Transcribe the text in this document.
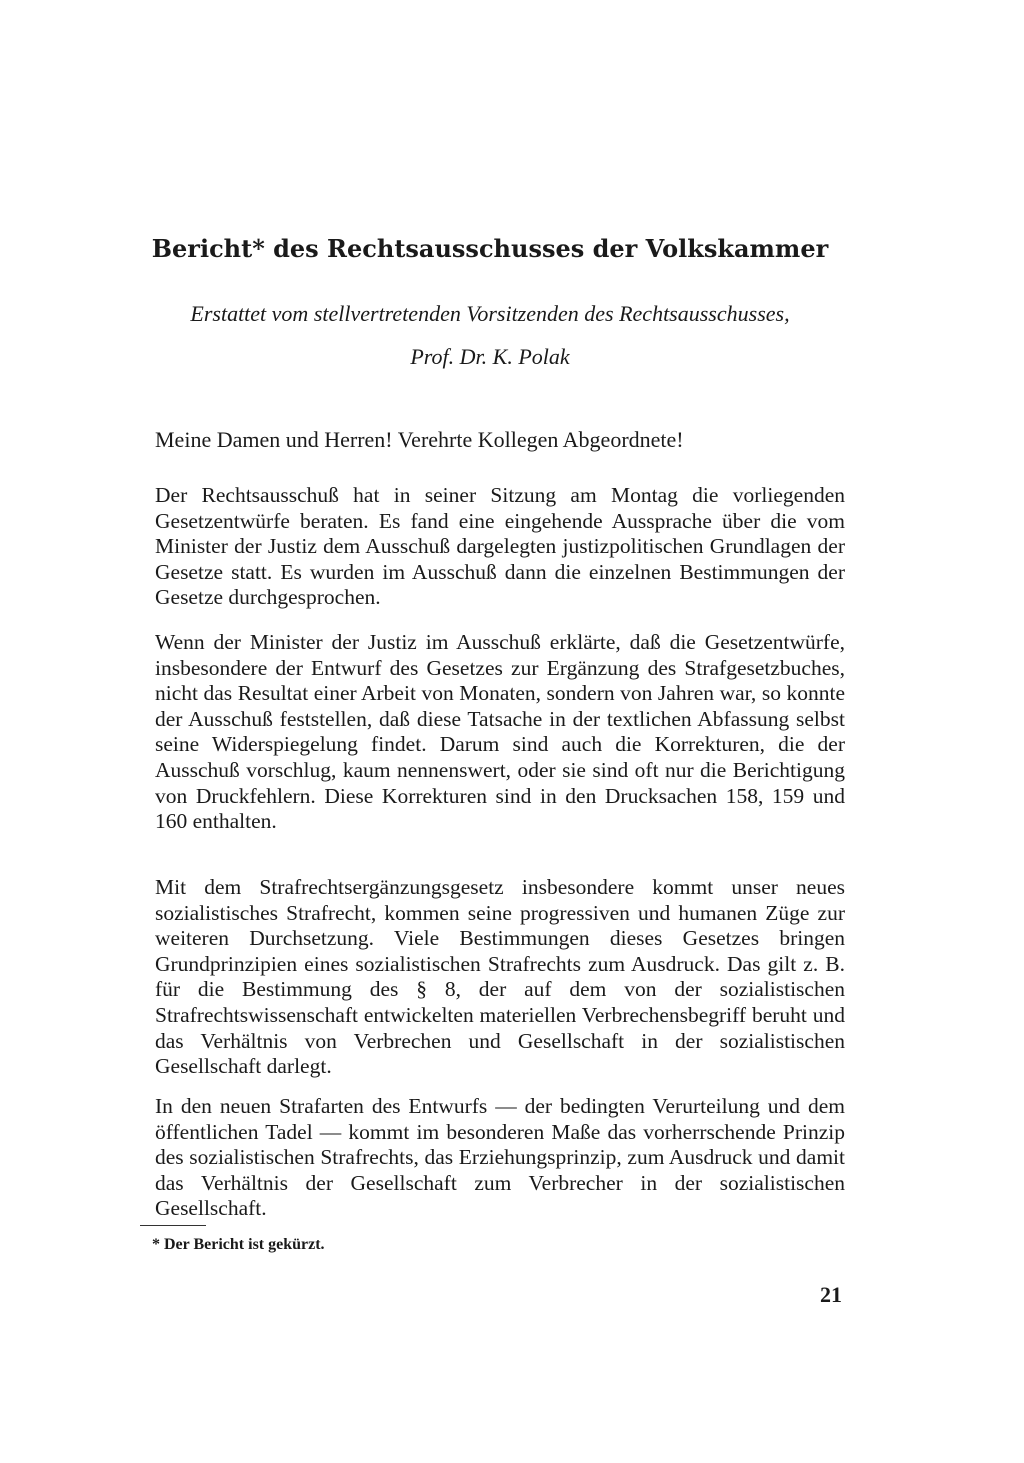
Bericht* des Rechtsausschusses der Volkskammer

Erstattet vom stellvertretenden Vorsitzenden des Rechtsausschusses,

Prof. Dr. K. Polak

Meine Damen und Herren! Verehrte Kollegen Abgeordnete!

Der Rechtsausschuß hat in seiner Sitzung am Montag die vorliegenden Gesetzentwürfe beraten. Es fand eine eingehende Aussprache über die vom Minister der Justiz dem Ausschuß dargelegten justizpolitischen Grundlagen der Gesetze statt. Es wurden im Ausschuß dann die einzelnen Bestimmungen der Gesetze durchgesprochen.

Wenn der Minister der Justiz im Ausschuß erklärte, daß die Gesetzentwürfe, insbesondere der Entwurf des Gesetzes zur Ergänzung des Strafgesetzbuches, nicht das Resultat einer Arbeit von Monaten, sondern von Jahren war, so konnte der Ausschuß feststellen, daß diese Tatsache in der textlichen Abfassung selbst seine Widerspiegelung findet. Darum sind auch die Korrekturen, die der Ausschuß vorschlug, kaum nennenswert, oder sie sind oft nur die Berichtigung von Druckfehlern. Diese Korrekturen sind in den Drucksachen 158, 159 und 160 enthalten.

Mit dem Strafrechtsergänzungsgesetz insbesondere kommt unser neues sozialistisches Strafrecht, kommen seine progressiven und humanen Züge zur weiteren Durchsetzung. Viele Bestimmungen dieses Gesetzes bringen Grundprinzipien eines sozialistischen Strafrechts zum Ausdruck. Das gilt z. B. für die Bestimmung des § 8, der auf dem von der sozialistischen Strafrechtswissenschaft entwickelten materiellen Verbrechensbegriff beruht und das Verhältnis von Verbrechen und Gesellschaft in der sozialistischen Gesellschaft darlegt.

In den neuen Strafarten des Entwurfs — der bedingten Verurteilung und dem öffentlichen Tadel — kommt im besonderen Maße das vorherrschende Prinzip des sozialistischen Strafrechts, das Erziehungsprinzip, zum Ausdruck und damit das Verhältnis der Gesellschaft zum Verbrecher in der sozialistischen Gesellschaft.

* Der Bericht ist gekürzt.

21
